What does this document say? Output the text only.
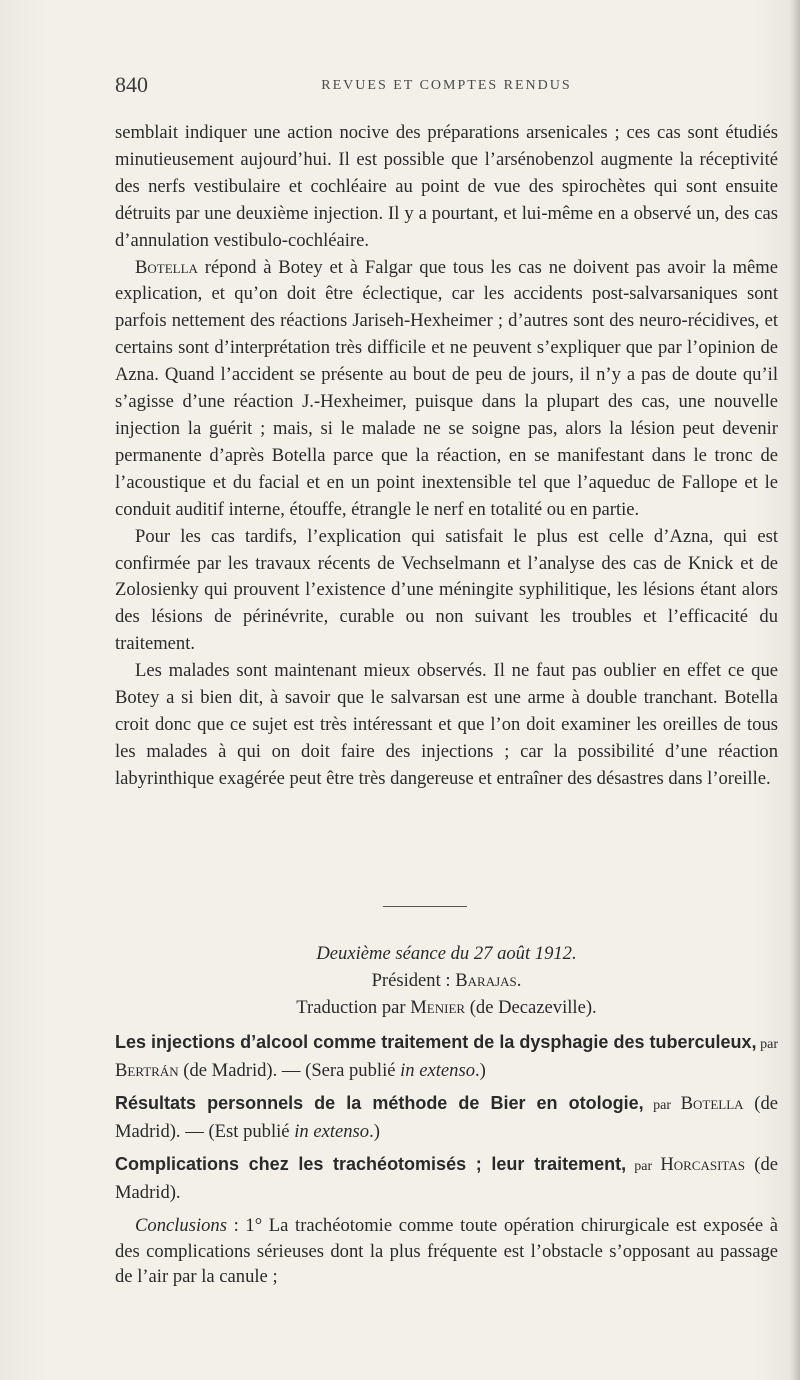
840	REVUES ET COMPTES RENDUS

semblait indiquer une action nocive des préparations arsenicales ; ces cas sont étudiés minutieusement aujourd’hui. Il est possible que l’arsénobenzol augmente la réceptivité des nerfs vestibulaire et cochléaire au point de vue des spirochètes qui sont ensuite détruits par une deuxième injection. Il y a pourtant, et lui-même en a observé un, des cas d’annulation vestibulo-cochléaire.

Botella répond à Botey et à Falgar que tous les cas ne doivent pas avoir la même explication, et qu’on doit être éclectique, car les accidents post-salvarsaniques sont parfois nettement des réactions Jariseh-Hexheimer ; d’autres sont des neuro-récidives, et certains sont d’interprétation très difficile et ne peuvent s’expliquer que par l’opinion de Azna. Quand l’accident se présente au bout de peu de jours, il n’y a pas de doute qu’il s’agisse d’une réaction J.-Hexheimer, puisque dans la plupart des cas, une nouvelle injection la guérit ; mais, si le malade ne se soigne pas, alors la lésion peut devenir permanente d’après Botella parce que la réaction, en se manifestant dans le tronc de l’acoustique et du facial et en un point inextensible tel que l’aqueduc de Fallope et le conduit auditif interne, étouffe, étrangle le nerf en totalité ou en partie.

Pour les cas tardifs, l’explication qui satisfait le plus est celle d’Azna, qui est confirmée par les travaux récents de Vechselmann et l’analyse des cas de Knick et de Zolosienky qui prouvent l’existence d’une méningite syphilitique, les lésions étant alors des lésions de périnévrite, curable ou non suivant les troubles et l’efficacité du traitement.

Les malades sont maintenant mieux observés. Il ne faut pas oublier en effet ce que Botey a si bien dit, à savoir que le salvarsan est une arme à double tranchant. Botella croit donc que ce sujet est très intéressant et que l’on doit examiner les oreilles de tous les malades à qui on doit faire des injections ; car la possibilité d’une réaction labyrinthique exagérée peut être très dangereuse et entraîner des désastres dans l’oreille.

Deuxième séance du 27 août 1912.
Président : Barajas.
Traduction par Menier (de Decazeville).

Les injections d’alcool comme traitement de la dysphagie des tuberculeux, par Bertrán (de Madrid). — (Sera publié in extenso.)

Résultats personnels de la méthode de Bier en otologie, par Botella (de Madrid). — (Est publié in extenso.)

Complications chez les trachéotomisés ; leur traitement, par Horcasitas (de Madrid).

Conclusions : 1° La trachéotomie comme toute opération chirurgicale est exposée à des complications sérieuses dont la plus fréquente est l’obstacle s’opposant au passage de l’air par la canule ;
